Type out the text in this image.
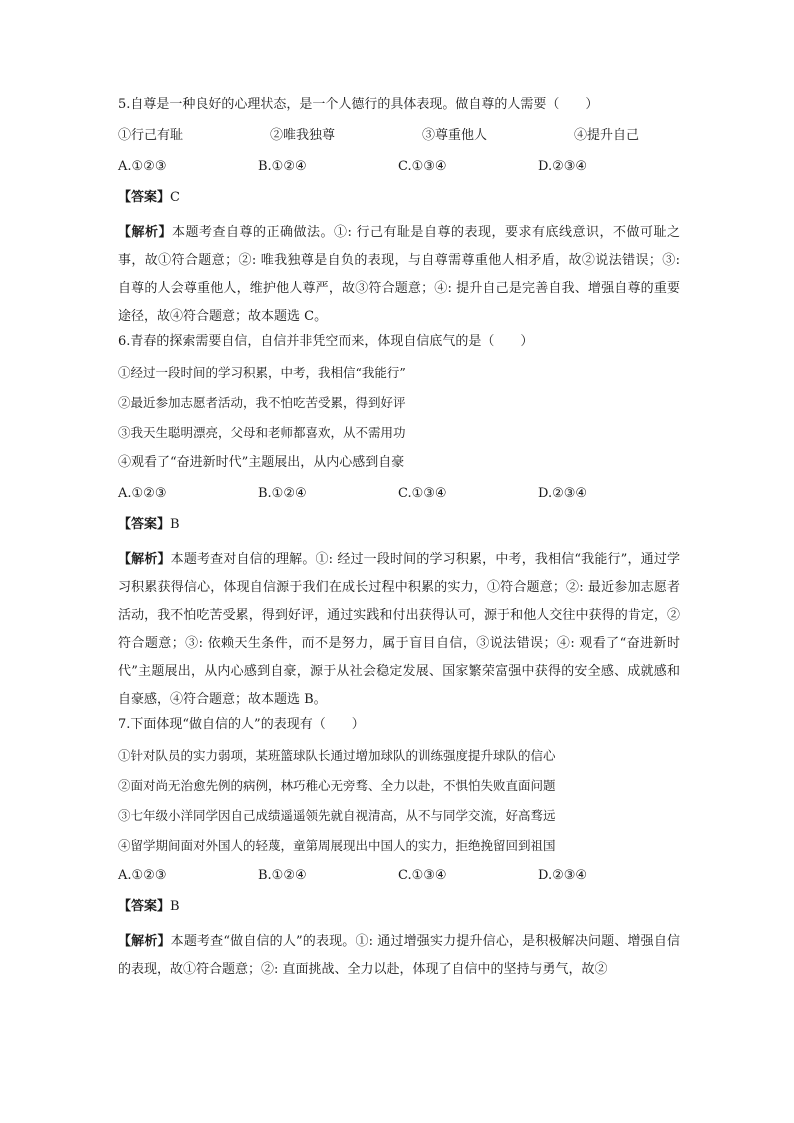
5.自尊是一种良好的心理状态，是一个人德行的具体表现。做自尊的人需要（　　）
①行己有耻	②唯我独尊	③尊重他人	④提升自己
A.①②③	B.①②④	C.①③④	D.②③④
【答案】C
【解析】本题考查自尊的正确做法。①: 行己有耻是自尊的表现，要求有底线意识，不做可耻之事，故①符合题意；②: 唯我独尊是自负的表现，与自尊需尊重他人相矛盾，故②说法错误；③: 自尊的人会尊重他人，维护他人尊严，故③符合题意；④: 提升自己是完善自我、增强自尊的重要途径，故④符合题意；故本题选 C。
6.青春的探索需要自信，自信并非凭空而来，体现自信底气的是（　　）
①经过一段时间的学习积累，中考，我相信“我能行”
②最近参加志愿者活动，我不怕吃苦受累，得到好评
③我天生聪明漂亮，父母和老师都喜欢，从不需用功
④观看了“奋进新时代”主题展出，从内心感到自豪
A.①②③	B.①②④	C.①③④	D.②③④
【答案】B
【解析】本题考查对自信的理解。①: 经过一段时间的学习积累，中考，我相信“我能行”，通过学习积累获得信心，体现自信源于我们在成长过程中积累的实力，①符合题意；②: 最近参加志愿者活动，我不怕吃苦受累，得到好评，通过实践和付出获得认可，源于和他人交往中获得的肯定，②符合题意；③: 依赖天生条件，而不是努力，属于盲目自信，③说法错误；④: 观看了“奋进新时代”主题展出，从内心感到自豪，源于从社会稳定发展、国家繁荣富强中获得的安全感、成就感和自豪感，④符合题意；故本题选 B。
7.下面体现“做自信的人”的表现有（　　）
①针对队员的实力弱项，某班篮球队长通过增加球队的训练强度提升球队的信心
②面对尚无治愈先例的病例，林巧稚心无旁骛、全力以赴，不惧怕失败直面问题
③七年级小洋同学因自己成绩遥遥领先就自视清高，从不与同学交流，好高骛远
④留学期间面对外国人的轻蔑，童第周展现出中国人的实力，拒绝挽留回到祖国
A.①②③	B.①②④	C.①③④	D.②③④
【答案】B
【解析】本题考查“做自信的人”的表现。①: 通过增强实力提升信心，是积极解决问题、增强自信的表现，故①符合题意；②: 直面挑战、全力以赴，体现了自信中的坚持与勇气，故②
